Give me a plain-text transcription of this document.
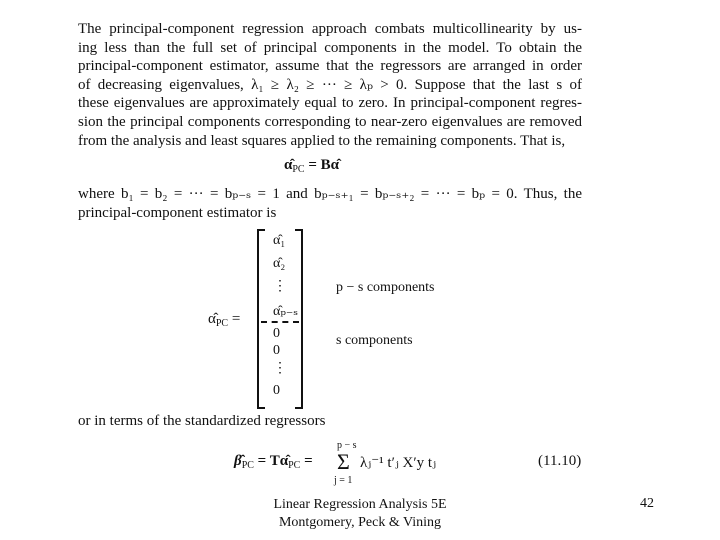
The principal-component regression approach combats multicollinearity by us-
ing less than the full set of principal components in the model. To obtain the
principal-component estimator, assume that the regressors are arranged in order
of decreasing eigenvalues, λ₁ ≥ λ₂ ≥ ··· ≥ λₚ > 0. Suppose that the last s of
these eigenvalues are approximately equal to zero. In principal-component regres-
sion the principal components corresponding to near-zero eigenvalues are removed
from the analysis and least squares applied to the remaining components. That is,
$\alphâ_{PC}$ = Bα̂
where b₁ = b₂ = ··· = bₚ₋ₛ = 1 and bₚ₋ₛ₊₁ = bₚ₋ₛ₊₂ = ··· = bₚ = 0. Thus, the
principal-component estimator is
$\alphâ_{PC}$ =
α̂₁
α̂₂
⋮
α̂ₚ₋ₛ
0
0
⋮
0
p − s components
s components
or in terms of the standardized regressors
$\betâ_{PC}$ = $T\alphâ_{PC}$ =
p − s
Σ
j = 1
λⱼ⁻¹ t′ⱼ X′y tⱼ	(11.10)
Linear Regression Analysis 5E
Montgomery, Peck & Vining
42
